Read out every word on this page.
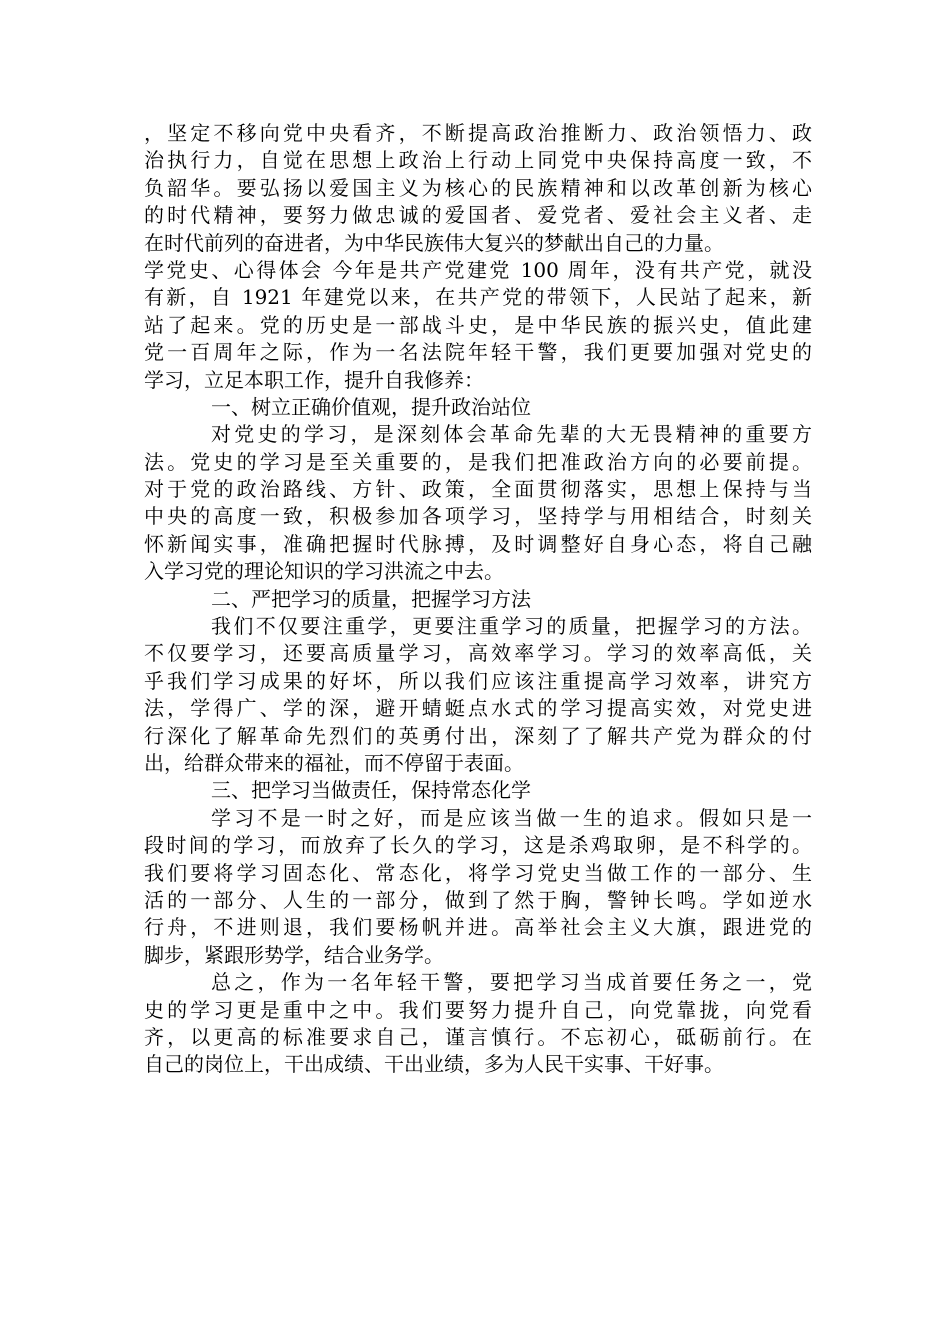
，坚定不移向党中央看齐，不断提高政治推断力、政治领悟力、政
治执行力，自觉在思想上政治上行动上同党中央保持高度一致，不
负韶华。要弘扬以爱国主义为核心的民族精神和以改革创新为核心
的时代精神，要努力做忠诚的爱国者、爱党者、爱社会主义者、走
在时代前列的奋进者，为中华民族伟大复兴的梦献出自己的力量。
学党史、心得体会 今年是共产党建党 100 周年，没有共产党，就没
有新，自 1921 年建党以来，在共产党的带领下，人民站了起来，新
站了起来。党的历史是一部战斗史，是中华民族的振兴史，值此建
党一百周年之际，作为一名法院年轻干警，我们更要加强对党史的
学习，立足本职工作，提升自我修养：
一、树立正确价值观，提升政治站位
对党史的学习，是深刻体会革命先辈的大无畏精神的重要方
法。党史的学习是至关重要的，是我们把准政治方向的必要前提。
对于党的政治路线、方针、政策，全面贯彻落实，思想上保持与当
中央的高度一致，积极参加各项学习，坚持学与用相结合，时刻关
怀新闻实事，准确把握时代脉搏，及时调整好自身心态，将自己融
入学习党的理论知识的学习洪流之中去。
二、严把学习的质量，把握学习方法
我们不仅要注重学，更要注重学习的质量，把握学习的方法。
不仅要学习，还要高质量学习，高效率学习。学习的效率高低，关
乎我们学习成果的好坏，所以我们应该注重提高学习效率，讲究方
法，学得广、学的深，避开蜻蜓点水式的学习提高实效，对党史进
行深化了解革命先烈们的英勇付出，深刻了了解共产党为群众的付
出，给群众带来的福祉，而不停留于表面。
三、把学习当做责任，保持常态化学
学习不是一时之好，而是应该当做一生的追求。假如只是一
段时间的学习，而放弃了长久的学习，这是杀鸡取卵，是不科学的。
我们要将学习固态化、常态化，将学习党史当做工作的一部分、生
活的一部分、人生的一部分，做到了然于胸，警钟长鸣。学如逆水
行舟，不进则退，我们要杨帆并进。高举社会主义大旗，跟进党的
脚步，紧跟形势学，结合业务学。
总之，作为一名年轻干警，要把学习当成首要任务之一，党
史的学习更是重中之中。我们要努力提升自己，向党靠拢，向党看
齐，以更高的标准要求自己，谨言慎行。不忘初心，砥砺前行。在
自己的岗位上，干出成绩、干出业绩，多为人民干实事、干好事。
